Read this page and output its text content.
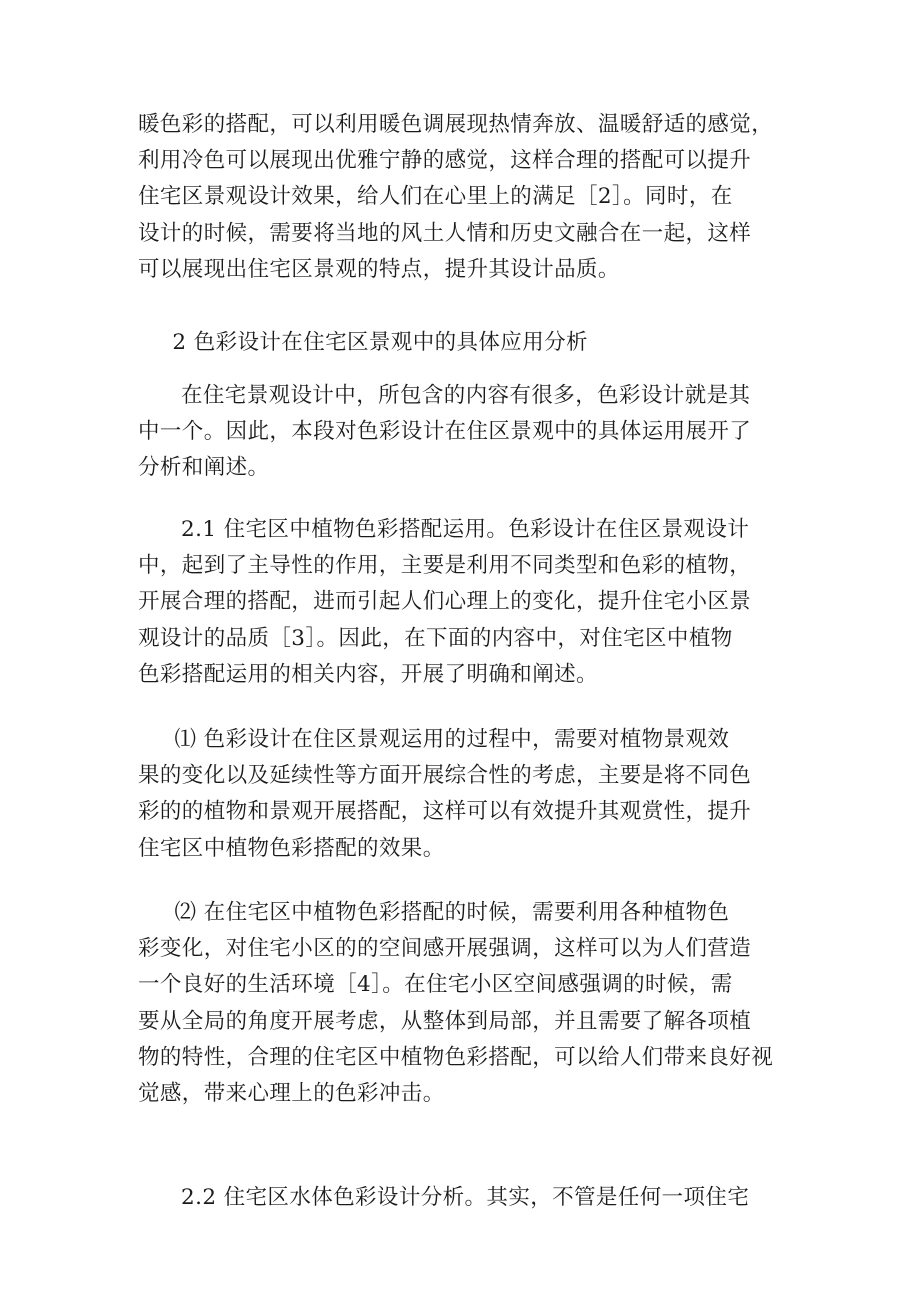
暖色彩的搭配，可以利用暖色调展现热情奔放、温暖舒适的感觉，
利用冷色可以展现出优雅宁静的感觉，这样合理的搭配可以提升
住宅区景观设计效果，给人们在心里上的满足［2］。同时，在
设计的时候，需要将当地的风土人情和历史文融合在一起，这样
可以展现出住宅区景观的特点，提升其设计品质。
2 色彩设计在住宅区景观中的具体应用分析
在住宅景观设计中，所包含的内容有很多，色彩设计就是其
中一个。因此，本段对色彩设计在住区景观中的具体运用展开了
分析和阐述。
2.1 住宅区中植物色彩搭配运用。色彩设计在住区景观设计
中，起到了主导性的作用，主要是利用不同类型和色彩的植物，
开展合理的搭配，进而引起人们心理上的变化，提升住宅小区景
观设计的品质［3］。因此，在下面的内容中，对住宅区中植物
色彩搭配运用的相关内容，开展了明确和阐述。
⑴ 色彩设计在住区景观运用的过程中，需要对植物景观效
果的变化以及延续性等方面开展综合性的考虑，主要是将不同色
彩的的植物和景观开展搭配，这样可以有效提升其观赏性，提升
住宅区中植物色彩搭配的效果。
⑵ 在住宅区中植物色彩搭配的时候，需要利用各种植物色
彩变化，对住宅小区的的空间感开展强调，这样可以为人们营造
一个良好的生活环境［4］。在住宅小区空间感强调的时候，需
要从全局的角度开展考虑，从整体到局部，并且需要了解各项植
物的特性，合理的住宅区中植物色彩搭配，可以给人们带来良好视
觉感，带来心理上的色彩冲击。
2.2 住宅区水体色彩设计分析。其实，不管是任何一项住宅
